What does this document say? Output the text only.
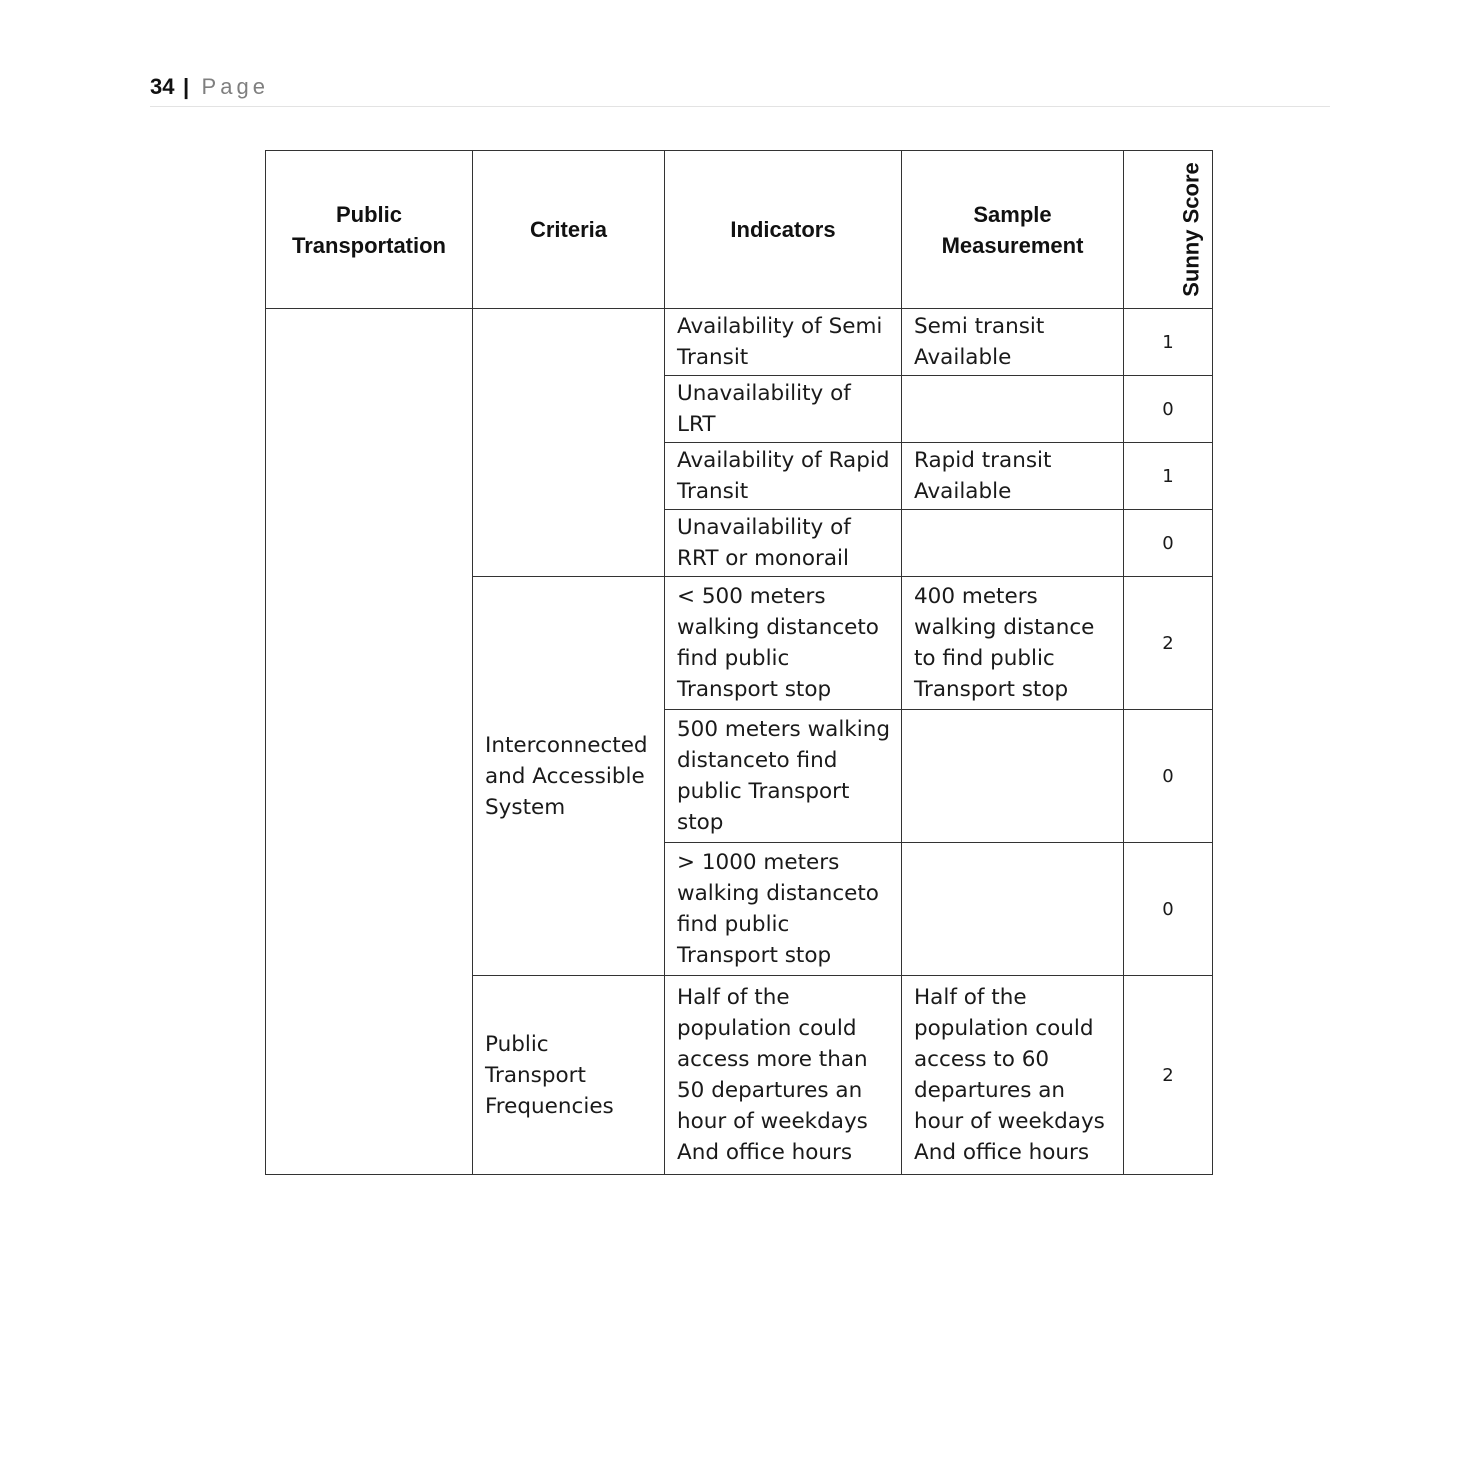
34 | Page
Public Transportation	Criteria	Indicators	Sample Measurement	Sunny Score
		Availability of Semi Transit	Semi transit Available	1
		Unavailability of LRT		0
		Availability of Rapid Transit	Rapid transit Available	1
		Unavailability of RRT or monorail		0
	Interconnected and Accessible System	< 500 meters walking distanceto find public Transport stop	400 meters walking distance to find public Transport stop	2
		500 meters walking distanceto find public Transport stop		0
		> 1000 meters walking distanceto find public Transport stop		0
	Public Transport Frequencies	Half of the population could access more than 50 departures an hour of weekdays And office hours	Half of the population could access to 60 departures an hour of weekdays And office hours	2
